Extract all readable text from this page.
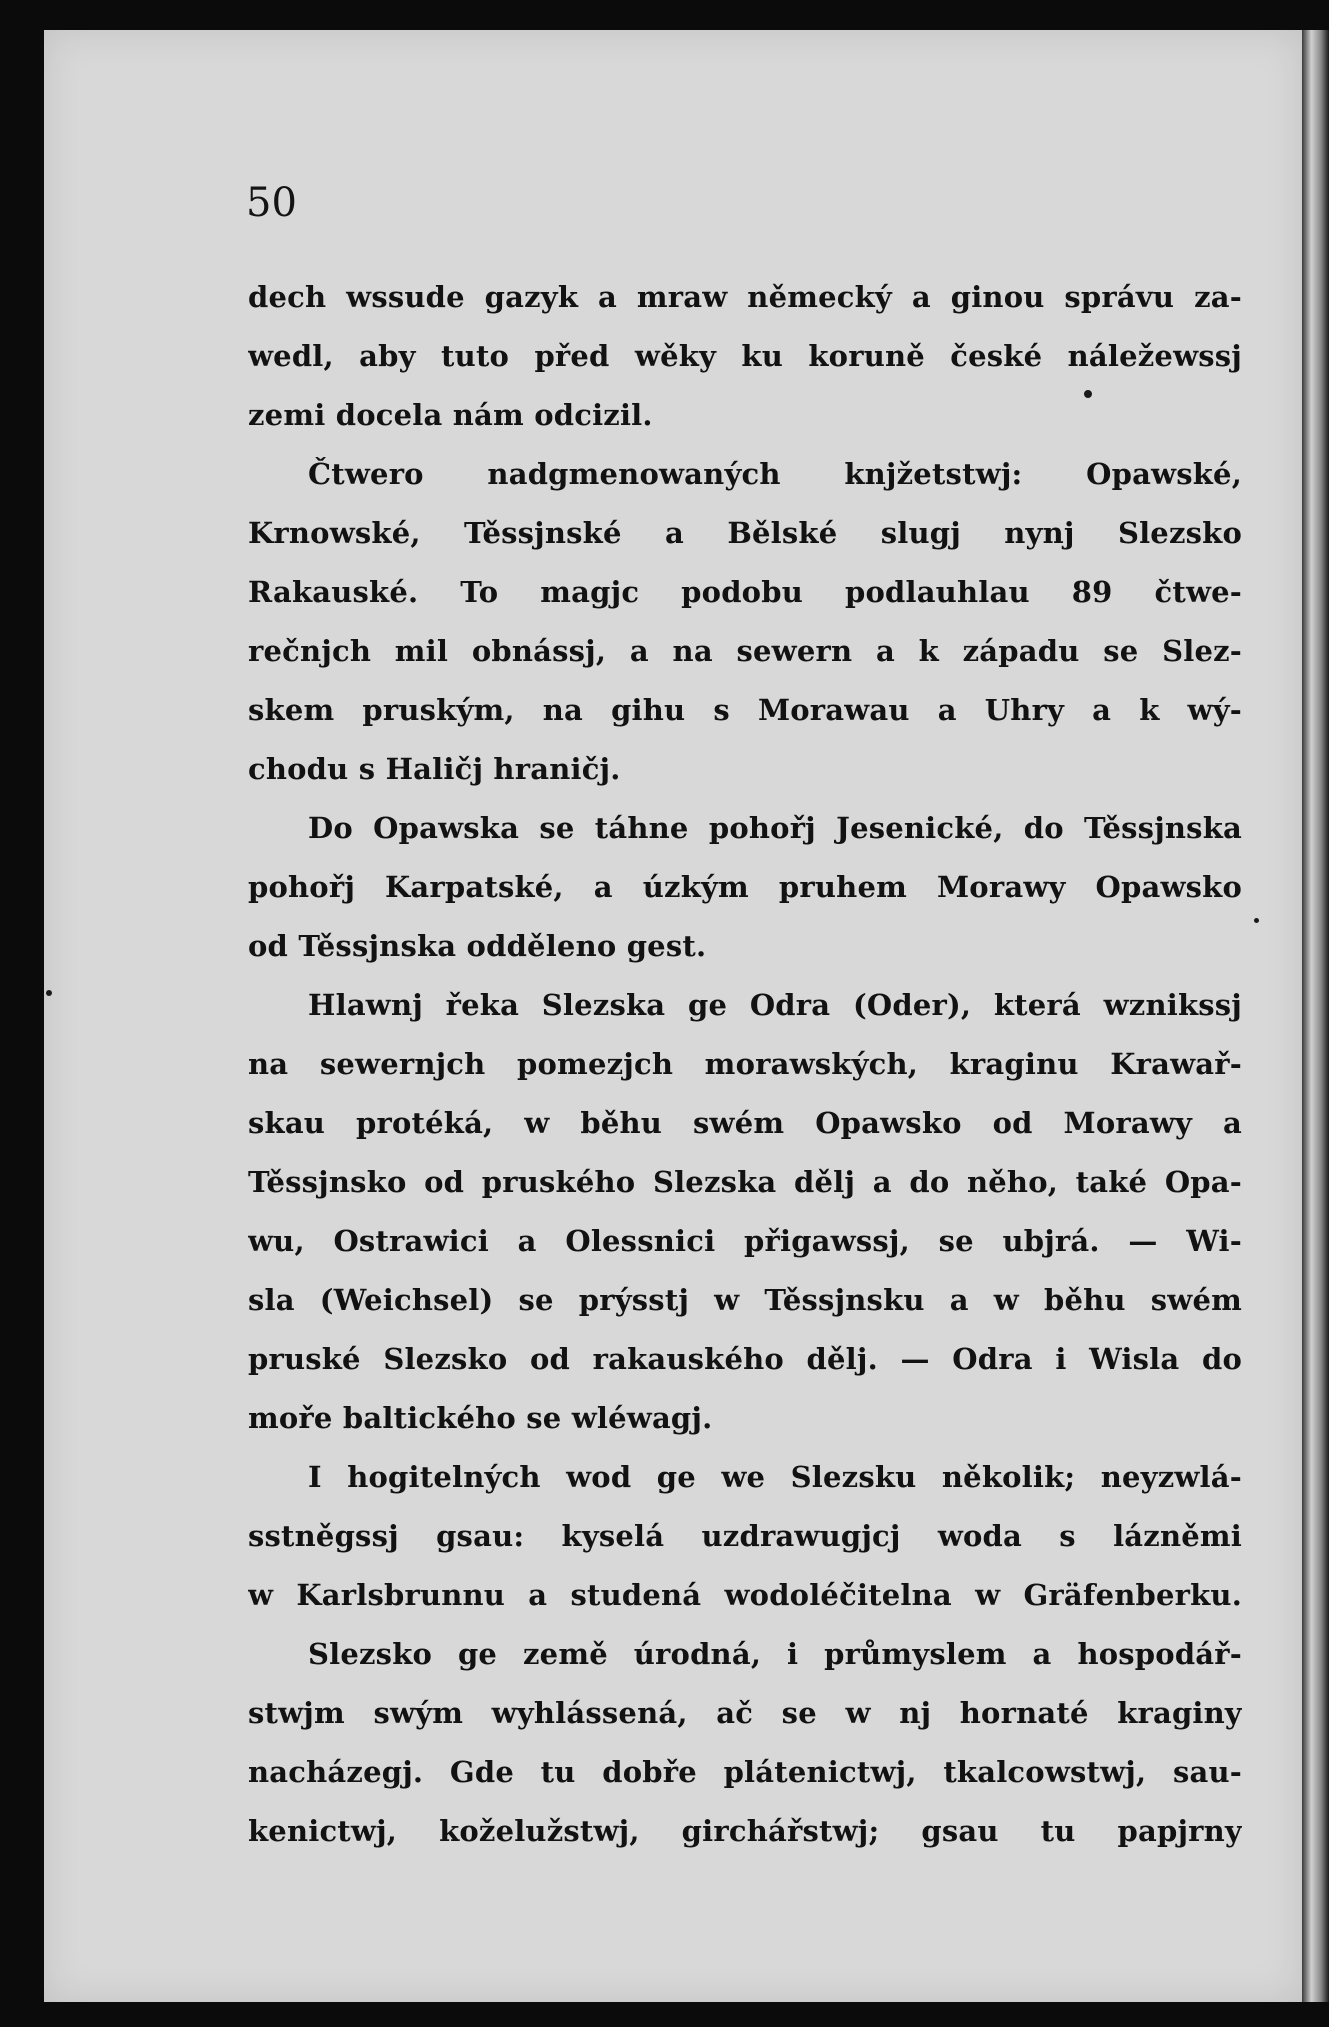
50
dech wssude gazyk a mraw německý a ginou správu za-
wedl, aby tuto před wěky ku koruně české náležewssj
zemi docela nám odcizil.
Čtwero nadgmenowaných knjžetstwj: Opawské,
Krnowské, Těssjnské a Bělské slugj nynj Slezsko
Rakauské. To magjc podobu podlauhlau 89 čtwe-
rečnjch mil obnássj, a na sewern a k západu se Slez-
skem pruským, na gihu s Morawau a Uhry a k wý-
chodu s Haličj hraničj.
Do Opawska se táhne pohořj Jesenické, do Těssjnska
pohořj Karpatské, a úzkým pruhem Morawy Opawsko
od Těssjnska odděleno gest.
Hlawnj řeka Slezska ge Odra (Oder), která wznikssj
na sewernjch pomezjch morawských, kraginu Krawař-
skau protéká, w běhu swém Opawsko od Morawy a
Těssjnsko od pruského Slezska dělj a do něho, také Opa-
wu, Ostrawici a Olessnici přigawssj, se ubjrá. — Wi-
sla (Weichsel) se prýsstj w Těssjnsku a w běhu swém
pruské Slezsko od rakauského dělj. — Odra i Wisla do
moře baltického se wléwagj.
I hogitelných wod ge we Slezsku několik; neyzwlá-
sstněgssj gsau: kyselá uzdrawugjcj woda s lázněmi
w Karlsbrunnu a studená wodoléčitelna w Gräfenberku.
Slezsko ge země úrodná, i průmyslem a hospodář-
stwjm swým wyhlássená, ač se w nj hornaté kraginy
nacházegj. Gde tu dobře plátenictwj, tkalcowstwj, sau-
kenictwj, koželužstwj, girchářstwj; gsau tu papjrny
